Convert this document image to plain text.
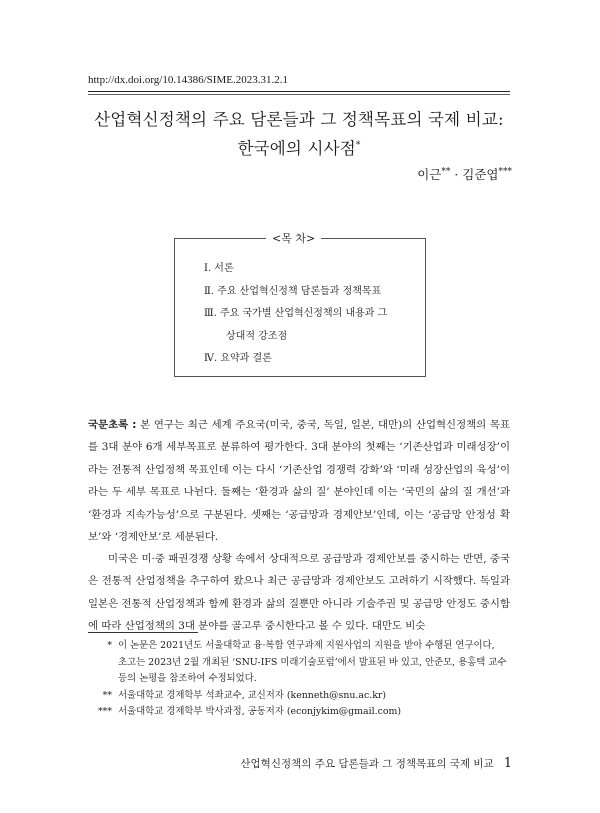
http://dx.doi.org/10.14386/SIME.2023.31.2.1
산업혁신정책의 주요 담론들과 그 정책목표의 국제 비교:
한국에의 시사점*
이근** · 김준엽***
<목 차>
Ⅰ. 서론
Ⅱ. 주요 산업혁신정책 담론들과 정책목표
Ⅲ. 주요 국가별 산업혁신정책의 내용과 그
상대적 강조점
Ⅳ. 요약과 결론
국문초록 : 본 연구는 최근 세계 주요국(미국, 중국, 독일, 일본, 대만)의 산업혁신정책의 목표를 3대 분야 6개 세부목표로 분류하여 평가한다. 3대 분야의 첫째는 ‘기존산업과 미래성장’이라는 전통적 산업정책 목표인데 이는 다시 ‘기존산업 경쟁력 강화’와 ‘미래 성장산업의 육성’이라는 두 세부 목표로 나뉜다. 둘째는 ‘환경과 삶의 질’ 분야인데 이는 ‘국민의 삶의 질 개선’과 ‘환경과 지속가능성’으로 구분된다. 셋째는 ‘공급망과 경제안보’인데, 이는 ‘공급망 안정성 확보’와 ‘경제안보’로 세분된다.
미국은 미·중 패권경쟁 상황 속에서 상대적으로 공급망과 경제안보를 중시하는 반면, 중국은 전통적 산업정책을 추구하여 왔으나 최근 공급망과 경제안보도 고려하기 시작했다. 독일과 일본은 전통적 산업정책과 함께 환경과 삶의 질뿐만 아니라 기술주권 및 공급망 안정도 중시함에 따라 산업정책의 3대 분야를 골고루 중시한다고 볼 수 있다. 대만도 비슷
* 이 논문은 2021년도 서울대학교 융·복합 연구과제 지원사업의 지원을 받아 수행된 연구이다,
초고는 2023년 2월 개최된 ‘SNU-IFS 미래기술포럼’에서 발표된 바 있고, 안준모, 용홍택 교수
등의 논평을 참조하여 수정되었다.
** 서울대학교 경제학부 석좌교수, 교신저자 (kenneth@snu.ac.kr)
*** 서울대학교 경제학부 박사과정, 공동저자 (econjykim@gmail.com)
산업혁신정책의 주요 담론들과 그 정책목표의 국제 비교 1
